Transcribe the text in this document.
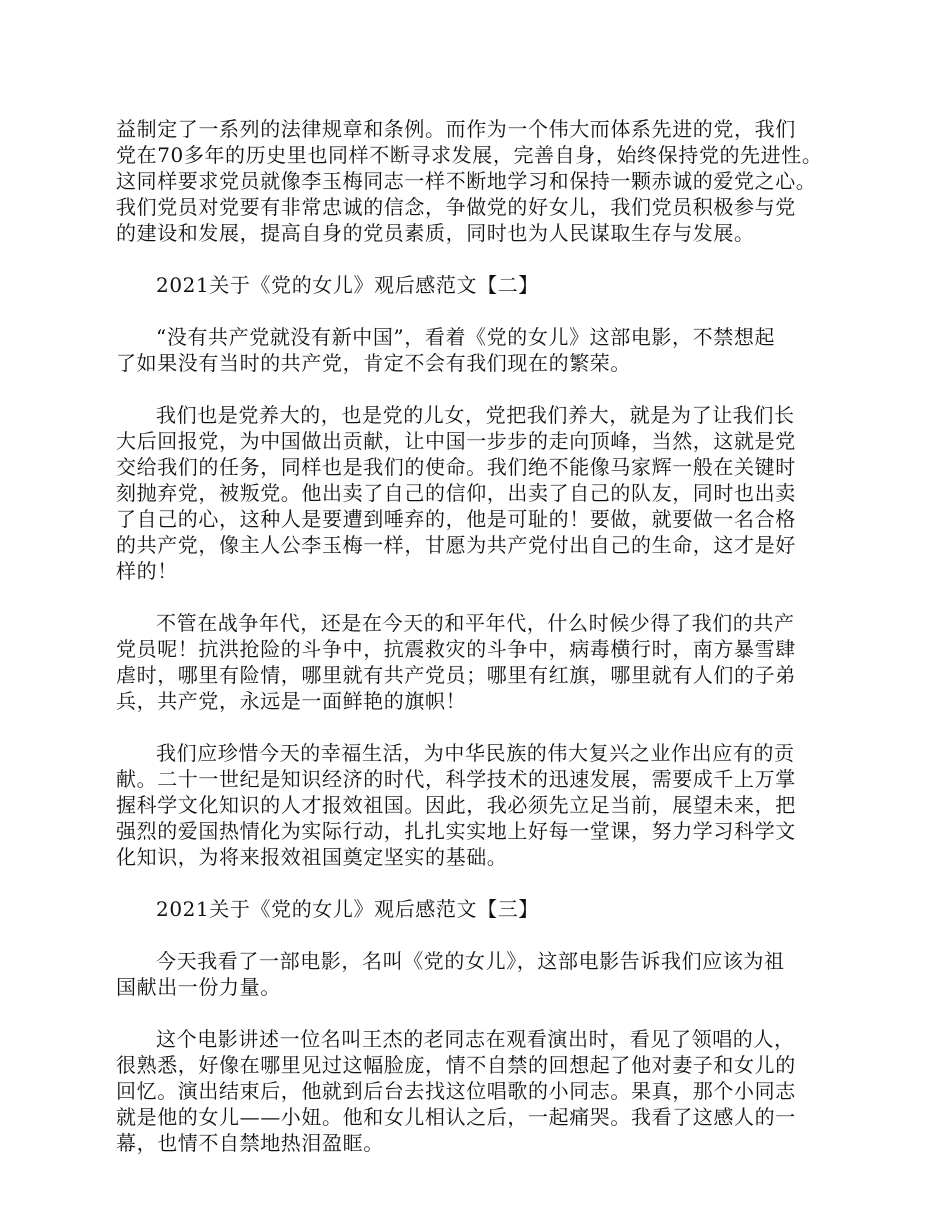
益制定了一系列的法律规章和条例。而作为一个伟大而体系先进的党，我们
党在70多年的历史里也同样不断寻求发展，完善自身，始终保持党的先进性。
这同样要求党员就像李玉梅同志一样不断地学习和保持一颗赤诚的爱党之心。
我们党员对党要有非常忠诚的信念，争做党的好女儿，我们党员积极参与党
的建设和发展，提高自身的党员素质，同时也为人民谋取生存与发展。

2021关于《党的女儿》观后感范文【二】

“没有共产党就没有新中国”，看着《党的女儿》这部电影，不禁想起
了如果没有当时的共产党，肯定不会有我们现在的繁荣。

我们也是党养大的，也是党的儿女，党把我们养大，就是为了让我们长
大后回报党，为中国做出贡献，让中国一步步的走向顶峰，当然，这就是党
交给我们的任务，同样也是我们的使命。我们绝不能像马家辉一般在关键时
刻抛弃党，被叛党。他出卖了自己的信仰，出卖了自己的队友，同时也出卖
了自己的心，这种人是要遭到唾弃的，他是可耻的！要做，就要做一名合格
的共产党，像主人公李玉梅一样，甘愿为共产党付出自己的生命，这才是好
样的！

不管在战争年代，还是在今天的和平年代，什么时候少得了我们的共产
党员呢！抗洪抢险的斗争中，抗震救灾的斗争中，病毒横行时，南方暴雪肆
虐时，哪里有险情，哪里就有共产党员；哪里有红旗，哪里就有人们的子弟
兵，共产党，永远是一面鲜艳的旗帜！

我们应珍惜今天的幸福生活，为中华民族的伟大复兴之业作出应有的贡
献。二十一世纪是知识经济的时代，科学技术的迅速发展，需要成千上万掌
握科学文化知识的人才报效祖国。因此，我必须先立足当前，展望未来，把
强烈的爱国热情化为实际行动，扎扎实实地上好每一堂课，努力学习科学文
化知识，为将来报效祖国奠定坚实的基础。

2021关于《党的女儿》观后感范文【三】

今天我看了一部电影，名叫《党的女儿》，这部电影告诉我们应该为祖
国献出一份力量。

这个电影讲述一位名叫王杰的老同志在观看演出时，看见了领唱的人，
很熟悉，好像在哪里见过这幅脸庞，情不自禁的回想起了他对妻子和女儿的
回忆。演出结束后，他就到后台去找这位唱歌的小同志。果真，那个小同志
就是他的女儿——小妞。他和女儿相认之后，一起痛哭。我看了这感人的一
幕，也情不自禁地热泪盈眶。
